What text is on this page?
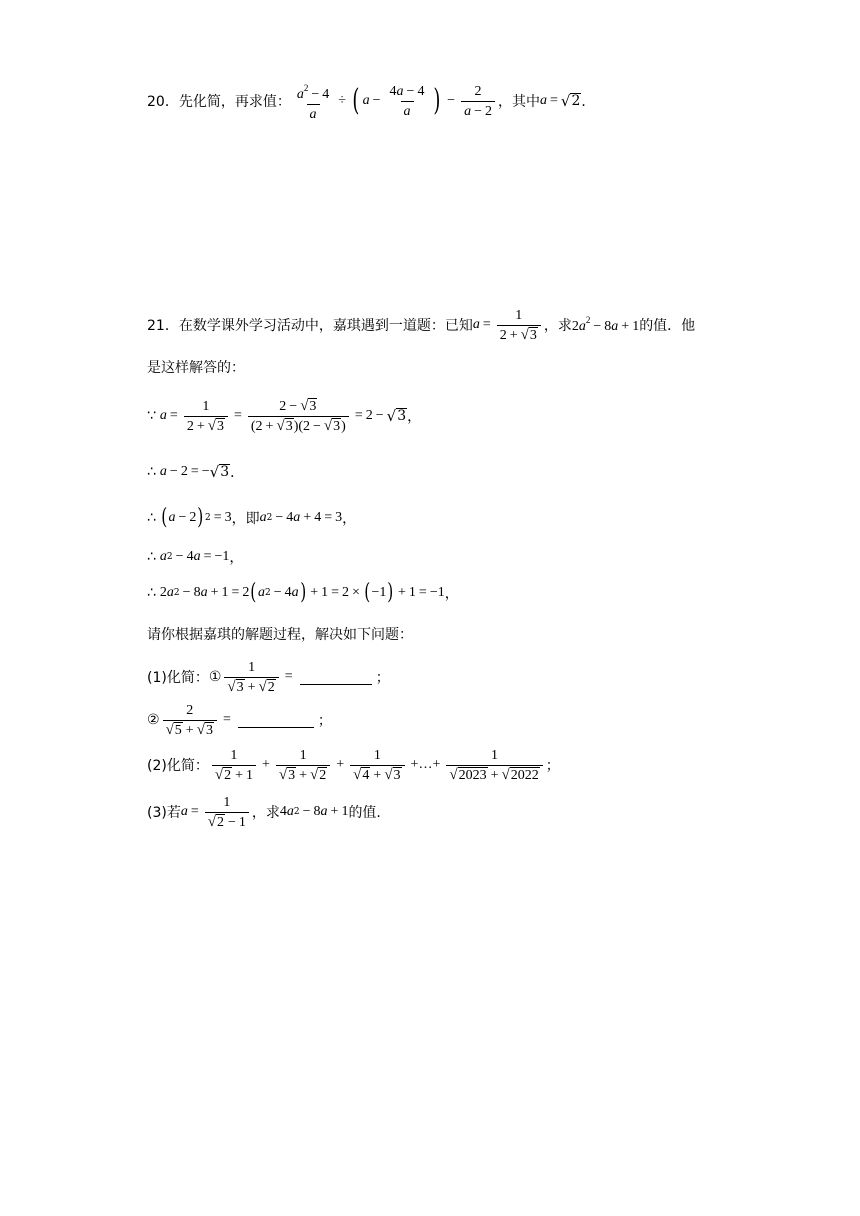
20． 先化简，再求值： $\frac{a^2 - 4}{a}$ ÷ ( $a - \frac{4a - 4}{a}$ ) − $\frac{2}{a - 2}$ ，其中 a = √ 2 ．
21． 在数学课外学习活动中，嘉琪遇到一道题：已知 $a = \frac{1}{2 + √ 3}$ ，求 $2a^2 - 8a + 1$ 的值．他
是这样解答的：
∵ $a = \frac{1}{2 + √ 3} = \frac{2 - √ 3}{(2 + √ 3 )(2 - √ 3 )} = 2$ − √ 3 ，
∴ a − 2 = − √ 3 ．
∴ ( a − 2 ) 2 = 3 ，即 a 2 − 4 a + 4 = 3 ，
∴ a 2 − 4 a = −1 ，
∴ 2 a 2 − 8 a + 1 = 2 ( a 2 − 4 a ) + 1 = 2 × ( −1 ) + 1 = −1 ，
请你根据嘉琪的解题过程，解决如下问题：
(1)化简： ① $\frac{1}{√ 3 + √ 2}$ =	；
② $\frac{2}{√ 5 + √ 3}$ =	；
(2)化简： $\frac{1}{√ 2 + 1} + \frac{1}{√ 3 + √ 2} + \frac{1}{√ 4 + √ 3}$ +…+ $\frac{1}{√ 2023 + √ 2022}$ ；
(3)若 $a = \frac{1}{√ 2 - 1}$ ，求 4 a 2 − 8 a + 1 的值.
